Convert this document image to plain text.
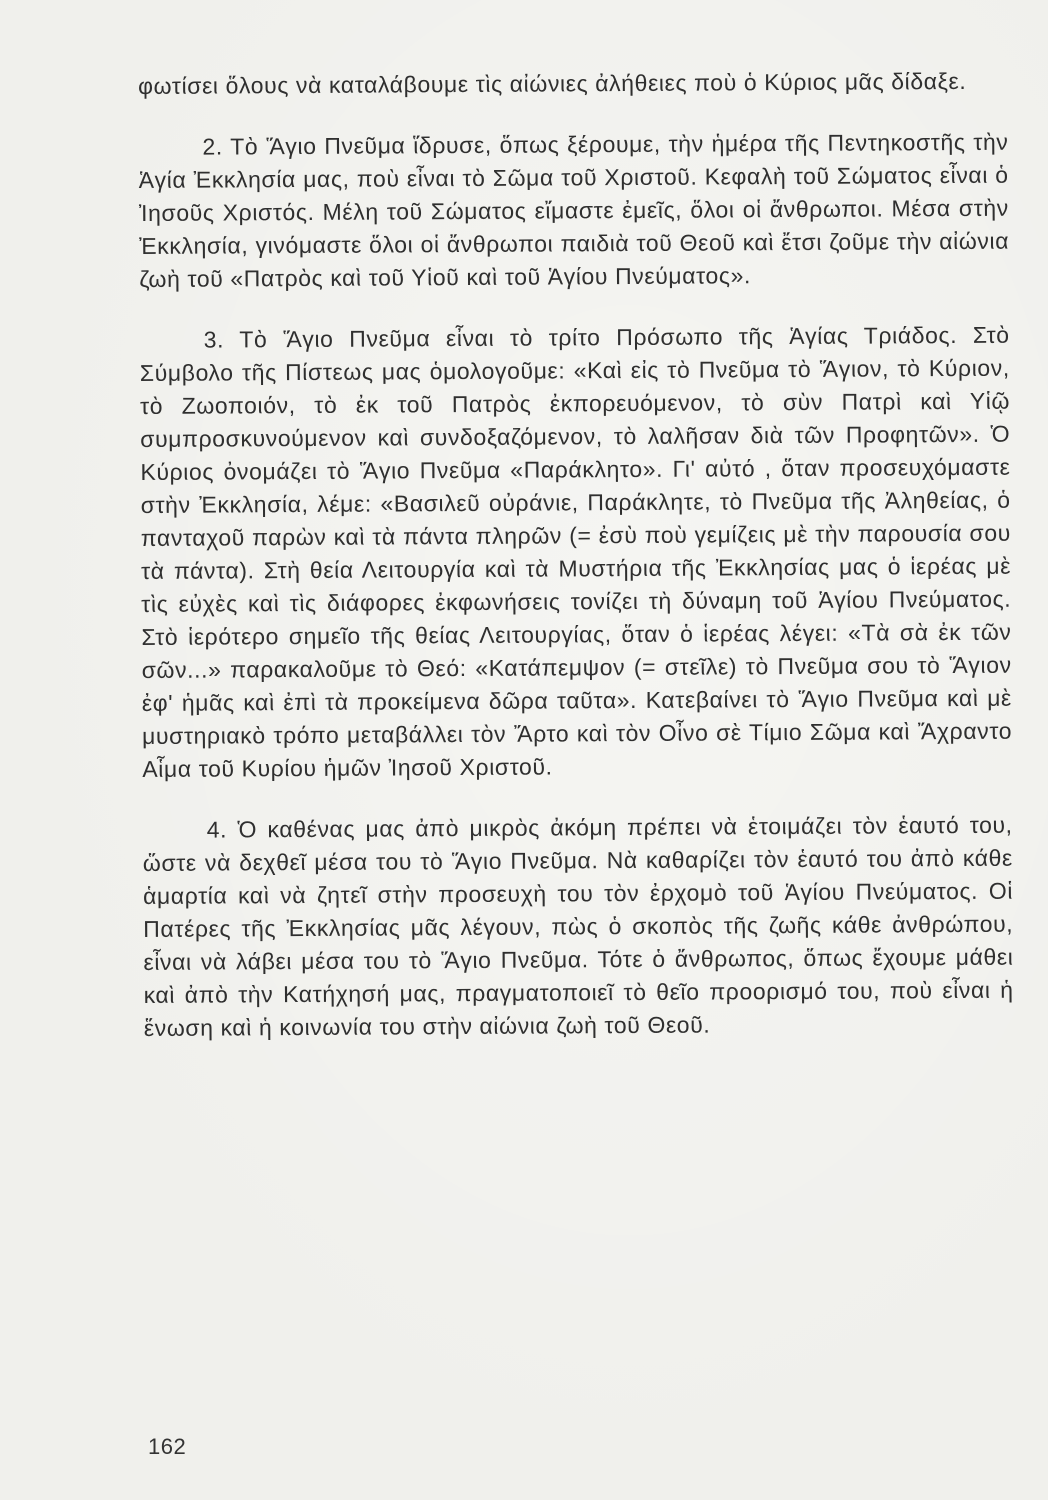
φωτίσει ὅλους νὰ καταλάβουμε τὶς αἰώνιες ἀλήθειες ποὺ ὁ Κύριος μᾶς δίδαξε.

2. Τὸ Ἅγιο Πνεῦμα ἵδρυσε, ὅπως ξέρουμε, τὴν ἡμέρα τῆς Πεντηκοστῆς τὴν Ἁγία Ἐκκλησία μας, ποὺ εἶναι τὸ Σῶμα τοῦ Χριστοῦ. Κεφαλὴ τοῦ Σώματος εἶναι ὁ Ἰησοῦς Χριστός. Μέλη τοῦ Σώματος εἴμαστε ἐμεῖς, ὅλοι οἱ ἄνθρωποι. Μέσα στὴν Ἐκκλησία, γινόμαστε ὅλοι οἱ ἄνθρωποι παιδιὰ τοῦ Θεοῦ καὶ ἔτσι ζοῦμε τὴν αἰώνια ζωὴ τοῦ «Πατρὸς καὶ τοῦ Υἱοῦ καὶ τοῦ Ἁγίου Πνεύματος».

3. Τὸ Ἅγιο Πνεῦμα εἶναι τὸ τρίτο Πρόσωπο τῆς Ἁγίας Τριάδος. Στὸ Σύμβολο τῆς Πίστεως μας ὁμολογοῦμε: «Καὶ εἰς τὸ Πνεῦμα τὸ Ἅγιον, τὸ Κύριον, τὸ Ζωοποιόν, τὸ ἐκ τοῦ Πατρὸς ἐκπορευόμενον, τὸ σὺν Πατρὶ καὶ Υἱῷ συμπροσκυνούμενον καὶ συνδοξαζόμενον, τὸ λαλῆσαν διὰ τῶν Προφητῶν». Ὁ Κύριος ὀνομάζει τὸ Ἅγιο Πνεῦμα «Παράκλητο». Γι' αὐτό , ὅταν προσευχόμαστε στὴν Ἐκκλησία, λέμε: «Βασιλεῦ οὐράνιε, Παράκλητε, τὸ Πνεῦμα τῆς Ἀληθείας, ὁ πανταχοῦ παρὼν καὶ τὰ πάντα πληρῶν (= ἐσὺ ποὺ γεμίζεις μὲ τὴν παρουσία σου τὰ πάντα). Στὴ θεία Λειτουργία καὶ τὰ Μυστήρια τῆς Ἐκκλησίας μας ὁ ἱερέας μὲ τὶς εὐχὲς καὶ τὶς διάφορες ἐκφωνήσεις τονίζει τὴ δύναμη τοῦ Ἁγίου Πνεύματος. Στὸ ἱερότερο σημεῖο τῆς θείας Λειτουργίας, ὅταν ὁ ἱερέας λέγει: «Τὰ σὰ ἐκ τῶν σῶν...» παρακαλοῦμε τὸ Θεό: «Κατάπεμψον (= στεῖλε) τὸ Πνεῦμα σου τὸ Ἅγιον ἐφ' ἡμᾶς καὶ ἐπὶ τὰ προκείμενα δῶρα ταῦτα». Κατεβαίνει τὸ Ἅγιο Πνεῦμα καὶ μὲ μυστηριακὸ τρόπο μεταβάλλει τὸν Ἄρτο καὶ τὸν Οἶνο σὲ Τίμιο Σῶμα καὶ Ἄχραντο Αἷμα τοῦ Κυρίου ἡμῶν Ἰησοῦ Χριστοῦ.

4. Ὁ καθένας μας ἀπὸ μικρὸς ἀκόμη πρέπει νὰ ἑτοιμάζει τὸν ἑαυτό του, ὥστε νὰ δεχθεῖ μέσα του τὸ Ἅγιο Πνεῦμα. Νὰ καθαρίζει τὸν ἑαυτό του ἀπὸ κάθε ἁμαρτία καὶ νὰ ζητεῖ στὴν προσευχὴ του τὸν ἐρχομὸ τοῦ Ἁγίου Πνεύματος. Οἱ Πατέρες τῆς Ἐκκλησίας μᾶς λέγουν, πὼς ὁ σκοπὸς τῆς ζωῆς κάθε ἀνθρώπου, εἶναι νὰ λάβει μέσα του τὸ Ἅγιο Πνεῦμα. Τότε ὁ ἄνθρωπος, ὅπως ἔχουμε μάθει καὶ ἀπὸ τὴν Κατήχησή μας, πραγματοποιεῖ τὸ θεῖο προορισμό του, ποὺ εἶναι ἡ ἕνωση καὶ ἡ κοινωνία του στὴν αἰώνια ζωὴ τοῦ Θεοῦ.

162
